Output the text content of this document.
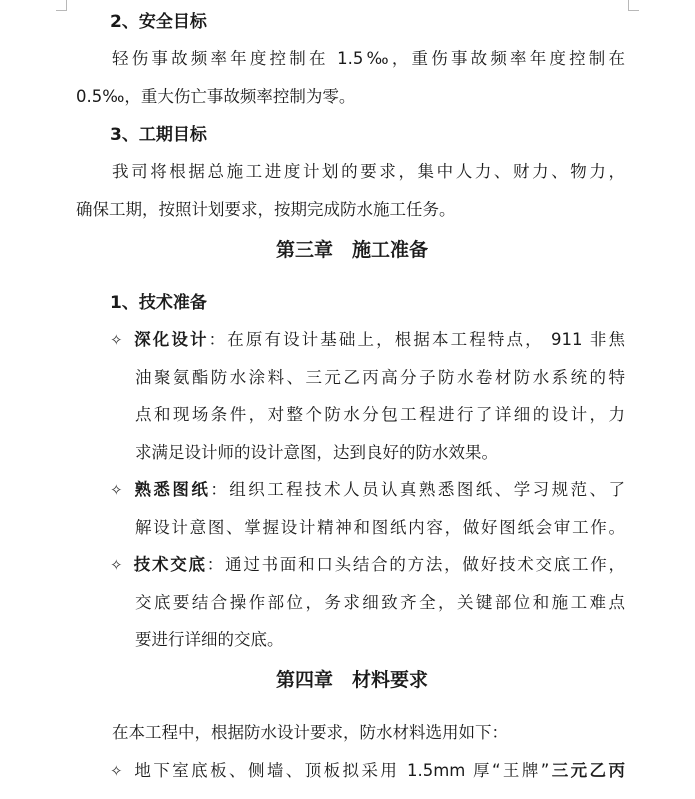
2、安全目标
轻伤事故频率年度控制在 1.5‰，重伤事故频率年度控制在
0.5‰，重大伤亡事故频率控制为零。
3、工期目标
我司将根据总施工进度计划的要求，集中人力、财力、物力，
确保工期，按照计划要求，按期完成防水施工任务。
第三章　施工准备
1、技术准备
✧ 深化设计：在原有设计基础上，根据本工程特点， 911 非焦
油聚氨酯防水涂料、三元乙丙高分子防水卷材防水系统的特
点和现场条件，对整个防水分包工程进行了详细的设计，力
求满足设计师的设计意图，达到良好的防水效果。
✧ 熟悉图纸：组织工程技术人员认真熟悉图纸、学习规范、了
解设计意图、掌握设计精神和图纸内容，做好图纸会审工作。
✧ 技术交底：通过书面和口头结合的方法，做好技术交底工作，
交底要结合操作部位，务求细致齐全，关键部位和施工难点
要进行详细的交底。
第四章　材料要求
在本工程中，根据防水设计要求，防水材料选用如下：
✧ 地下室底板、侧墙、顶板拟采用 1.5mm 厚“王牌”三元乙丙
